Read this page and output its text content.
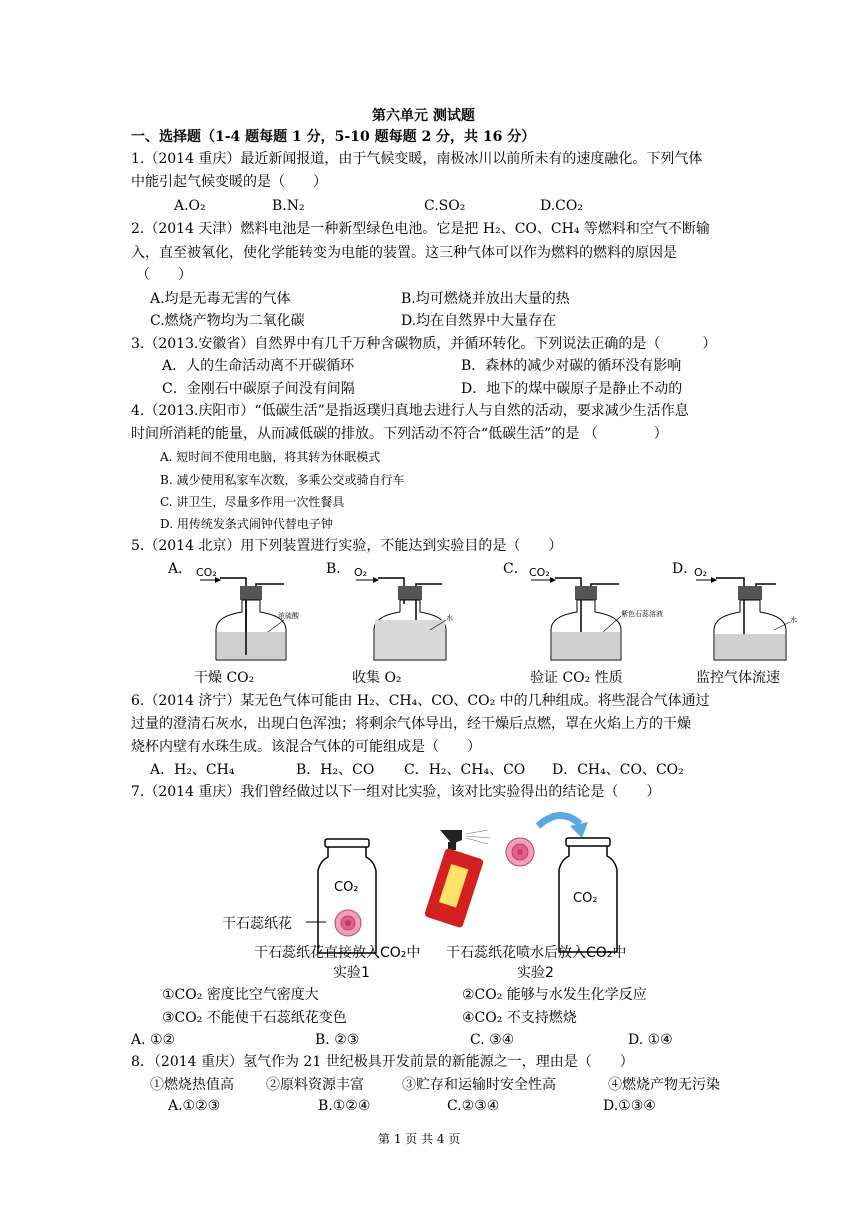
第六单元 测试题
一、选择题（1-4 题每题 1 分，5-10 题每题 2 分，共 16 分）
1.（2014 重庆）最近新闻报道，由于气候变暖，南极冰川以前所未有的速度融化。下列气体
中能引起气候变暖的是（　　）
A.O₂	B.N₂	C.SO₂	D.CO₂
2.（2014 天津）燃料电池是一种新型绿色电池。它是把 H₂、CO、CH₄ 等燃料和空气不断输
入，直至被氧化，使化学能转变为电能的装置。这三种气体可以作为燃料的燃料的原因是
（　　）
A.均是无毒无害的气体	B.均可燃烧并放出大量的热
C.燃烧产物均为二氧化碳	D.均在自然界中大量存在
3.（2013.安徽省）自然界中有几千万种含碳物质，并循环转化。下列说法正确的是（　　　）
A．人的生命活动离不开碳循环	B．森林的减少对碳的循环没有影响
C．金刚石中碳原子间没有间隔	D．地下的煤中碳原子是静止不动的
4.（2013.庆阳市）“低碳生活”是指返璞归真地去进行人与自然的活动，要求减少生活作息
时间所消耗的能量，从而减低碳的排放。下列活动不符合“低碳生活”的是 （　　　　）
A. 短时间不使用电脑，将其转为休眠模式
B. 减少使用私家车次数，多乘公交或骑自行车
C. 讲卫生，尽量多作用一次性餐具
D. 用传统发条式闹钟代替电子钟
5.（2014 北京）用下列装置进行实验，不能达到实验目的是（　　）
A．	B．	C．	D．
CO₂
浓硫酸
O₂
水
CO₂
紫色石蕊溶液
O₂
水
干燥 CO₂	收集 O₂	验证 CO₂ 性质	监控气体流速
6.（2014 济宁）某无色气体可能由 H₂、CH₄、CO、CO₂ 中的几种组成。将些混合气体通过
过量的澄清石灰水，出现白色浑浊；将剩余气体导出，经干燥后点燃，罩在火焰上方的干燥
烧杯内壁有水珠生成。该混合气体的可能组成是（　　）
A．H₂、CH₄	B．H₂、CO C．H₂、CH₄、CO D．CH₄、CO、CO₂
7.（2014 重庆）我们曾经做过以下一组对比实验，该对比实验得出的结论是（　　）
CO₂
干石蕊纸花
干石蕊纸花直接放入CO₂中
实验1
CO₂
干石蕊纸花喷水后放入CO₂中
实验2
①CO₂ 密度比空气密度大	②CO₂ 能够与水发生化学反应
③CO₂ 不能使干石蕊纸花变色	④CO₂ 不支持燃烧
A. ①②	B. ②③	C. ③④	D. ①④
8．（2014 重庆）氢气作为 21 世纪极具开发前景的新能源之一，理由是（　　）
①燃烧热值高 ②原料资源丰富	③贮存和运输时安全性高	④燃烧产物无污染
A.①②③	B.①②④	C.②③④	D.①③④
第 1 页 共 4 页
